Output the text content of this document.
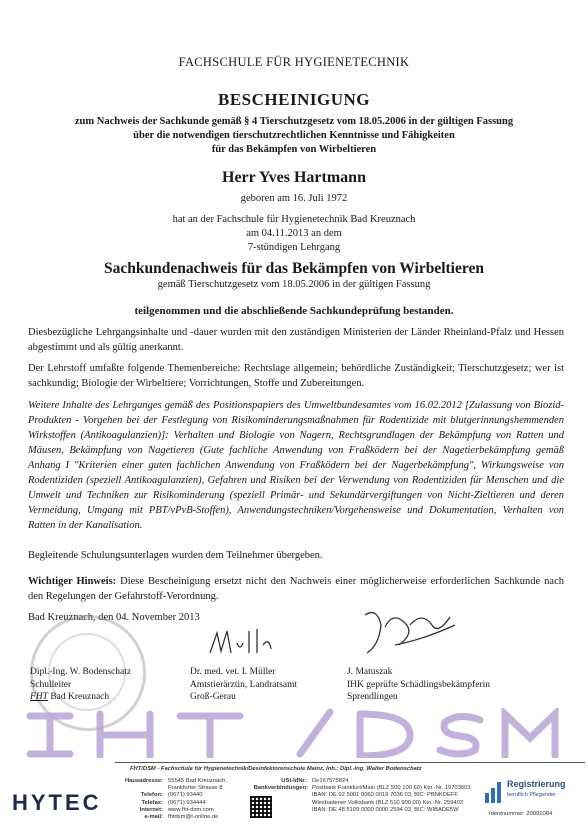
FACHSCHULE FÜR HYGIENETECHNIK
BESCHEINIGUNG
zum Nachweis der Sachkunde gemäß § 4 Tierschutzgesetz vom 18.05.2006 in der gültigen Fassung
über die notwendigen tierschutzrechtlichen Kenntnisse und Fähigkeiten
für das Bekämpfen von Wirbeltieren
Herr Yves Hartmann
geboren am 16. Juli 1972
hat an der Fachschule für Hygienetechnik Bad Kreuznach
am 04.11.2013 an dem
7-stündigen Lehrgang
Sachkundenachweis für das Bekämpfen von Wirbeltieren
gemäß Tierschutzgesetz vom 18.05.2006 in der gültigen Fassung
teilgenommen und die abschließende Sachkundeprüfung bestanden.
Diesbezügliche Lehrgangsinhalte und -dauer wurden mit den zuständigen Ministerien der Länder Rheinland-Pfalz und Hessen abgestimmt und als gültig anerkannt.
Der Lehrstoff umfaßte folgende Themenbereiche: Rechtslage allgemein; behördliche Zuständigkeit; Tierschutzgesetz; wer ist sachkundig; Biologie der Wirbeltiere; Vorrichtungen, Stoffe und Zubereitungen.
Weitere Inhalte des Lehrganges gemäß des Positionspapiers des Umweltbundesamtes vom 16.02.2012 [Zulassung von Biozid-Produkten - Vorgehen bei der Festlegung von Risikominderungsmaßnahmen für Rodentizide mit blutgerinnungshemmenden Wirkstoffen (Antikoagulanzien)]: Verhalten und Biologie von Nagern, Rechtsgrundlagen der Bekämpfung von Ratten und Mäusen, Bekämpfung von Nagetieren (Gute fachliche Anwendung von Fraßködern bei der Nagetierbekämpfung gemäß Anhang I "Kriterien einer guten fachlichen Anwendung von Fraßködern bei der Nagerbekämpfung", Wirkungsweise von Rodentiziden (speziell Antikoagulanzien), Gefahren und Risiken bei der Verwendung von Rodentiziden für Menschen und die Umwelt und Techniken zur Risikominderung (speziell Primär- und Sekundärvergiftungen von Nicht-Zieltieren und deren Vermeidung, Umgang mit PBT/vPvB-Stoffen), Anwendungstechniken/Vorgehensweise und Dokumentation, Verhalten von Ratten in der Kanalisation.
Begleitende Schulungsunterlagen wurden dem Teilnehmer übergeben.
Wichtiger Hinweis: Diese Bescheinigung ersetzt nicht den Nachweis einer möglicherweise erforderlichen Sachkunde nach den Regelungen der Gefahrstoff-Verordnung.
Bad Kreuznach, den 04. November 2013
Dipl.-Ing. W. Bodenschatz
Schulleiter
FHT Bad Kreuznach
Dr. med. vet. I. Müller
Amtstierärztin, Landratsamt
Groß-Gerau
J. Matuszak
IHK geprüfte Schädlingsbekämpferin
Sprendlingen
FHT/DSM - Fachschule für Hygienetechnik/Desinfektorenschule Mainz, Inh.: Dipl.-Ing. Walter Bodenschatz
HYTEC
Hausadresse:

Telefon:
Telefax:
Internet:
e-mail:
55545 Bad Kreuznach,
Frankfurter Strasse 8
(0671) 93440
(0671) 934444
www.fht-dsm.com
fhtdsm@t-online.de
USt-IdNr.:
Bankverbindungen:
De167575824
Postbank Frankfurt/Main (BLZ 500 100 60) Kto.-Nr. 19703603
IBAN: DE 92 5001 0060 0019 7036 03, BIC: PBNKDEFF
Wiesbadener Volksbank (BLZ 510 900 00) Kto.-Nr. 259403
IBAN: DE 48 5109 0000 0000 2594 03, BIC: WIBADE5W
Registrierung
beruflich Pflegender
Identnummer: 20091084
